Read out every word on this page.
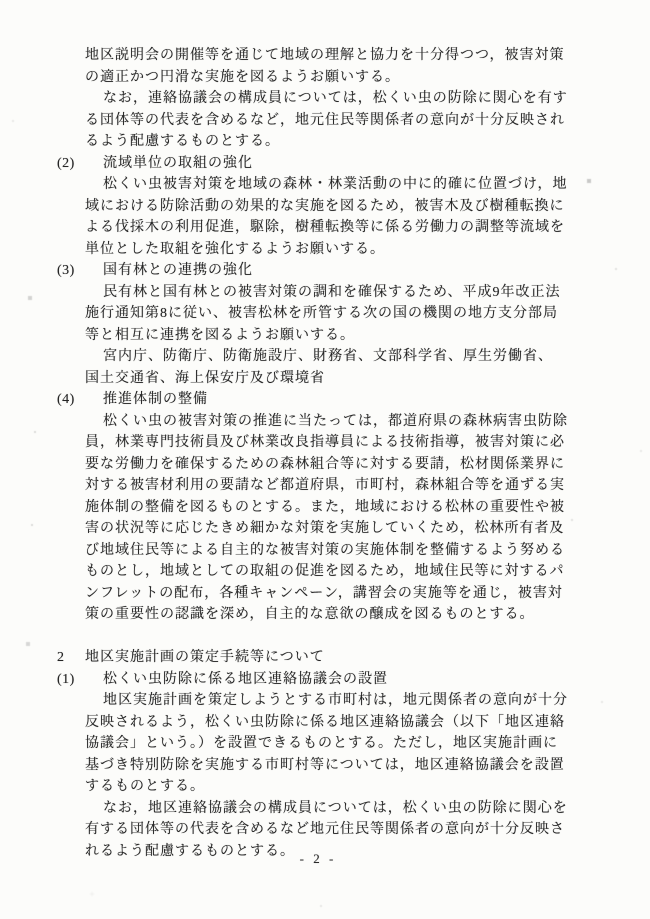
地区説明会の開催等を通じて地域の理解と協力を十分得つつ，被害対策
の適正かつ円滑な実施を図るようお願いする。
なお，連絡協議会の構成員については，松くい虫の防除に関心を有す
る団体等の代表を含めるなど，地元住民等関係者の意向が十分反映され
るよう配慮するものとする。
(2) 流域単位の取組の強化
松くい虫被害対策を地域の森林・林業活動の中に的確に位置づけ，地
域における防除活動の効果的な実施を図るため，被害木及び樹種転換に
よる伐採木の利用促進，駆除，樹種転換等に係る労働力の調整等流域を
単位とした取組を強化するようお願いする。
(3) 国有林との連携の強化
民有林と国有林との被害対策の調和を確保するため、平成9年改正法
施行通知第8に従い、被害松林を所管する次の国の機関の地方支分部局
等と相互に連携を図るようお願いする。
宮内庁、防衛庁、防衛施設庁、財務省、文部科学省、厚生労働省、
国土交通省、海上保安庁及び環境省
(4) 推進体制の整備
松くい虫の被害対策の推進に当たっては，都道府県の森林病害虫防除
員，林業専門技術員及び林業改良指導員による技術指導，被害対策に必
要な労働力を確保するための森林組合等に対する要請，松材関係業界に
対する被害材利用の要請など都道府県，市町村，森林組合等を通ずる実
施体制の整備を図るものとする。また，地域における松林の重要性や被
害の状況等に応じたきめ細かな対策を実施していくため，松林所有者及
び地域住民等による自主的な被害対策の実施体制を整備するよう努める
ものとし，地域としての取組の促進を図るため，地域住民等に対するパ
ンフレットの配布，各種キャンペーン，講習会の実施等を通じ，被害対
策の重要性の認識を深め，自主的な意欲の醸成を図るものとする。
2 地区実施計画の策定手続等について
(1) 松くい虫防除に係る地区連絡協議会の設置
地区実施計画を策定しようとする市町村は，地元関係者の意向が十分
反映されるよう，松くい虫防除に係る地区連絡協議会（以下「地区連絡
協議会」という。）を設置できるものとする。ただし，地区実施計画に
基づき特別防除を実施する市町村等については，地区連絡協議会を設置
するものとする。
なお，地区連絡協議会の構成員については，松くい虫の防除に関心を
有する団体等の代表を含めるなど地元住民等関係者の意向が十分反映さ
れるよう配慮するものとする。 - 2 -
